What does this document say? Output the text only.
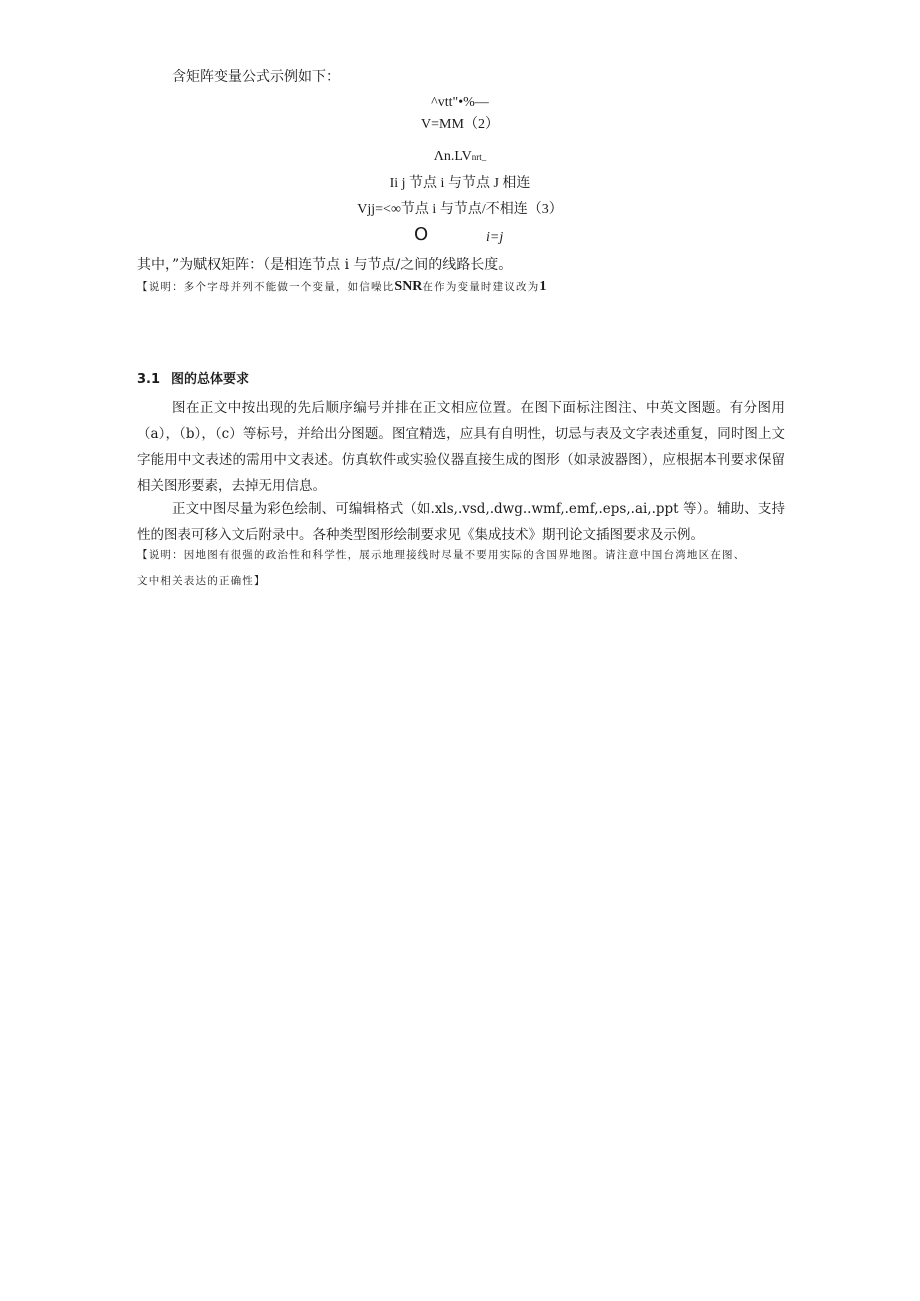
含矩阵变量公式示例如下：
^vtt"•%—
V=MM（2）
Λn.LVnrt_
Ii j 节点 i 与节点 J 相连
Vjj=<∞节点 i 与节点/不相连（3）
O	i=j
其中，”为赋权矩阵：（是相连节点 i 与节点/之间的线路长度。
【说明：多个字母并列不能做一个变量，如信噪比SNR在作为变量时建议改为1
3.1 图的总体要求
图在正文中按出现的先后顺序编号并排在正文相应位置。在图下面标注图注、中英文图题。有分图用（a），（b），（c）等标号，并给出分图题。图宜精选，应具有自明性，切忌与表及文字表述重复，同时图上文字能用中文表述的需用中文表述。仿真软件或实验仪器直接生成的图形（如录波器图），应根据本刊要求保留相关图形要素，去掉无用信息。
正文中图尽量为彩色绘制、可编辑格式（如.xls,.vsd,.dwg..wmf,.emf,.eps,.ai,.ppt 等）。辅助、支持性的图表可移入文后附录中。各种类型图形绘制要求见《集成技术》期刊论文插图要求及示例。
【说明：因地图有很强的政治性和科学性，展示地理接线时尽量不要用实际的含国界地图。请注意中国台湾地区在图、
文中相关表达的正确性】
